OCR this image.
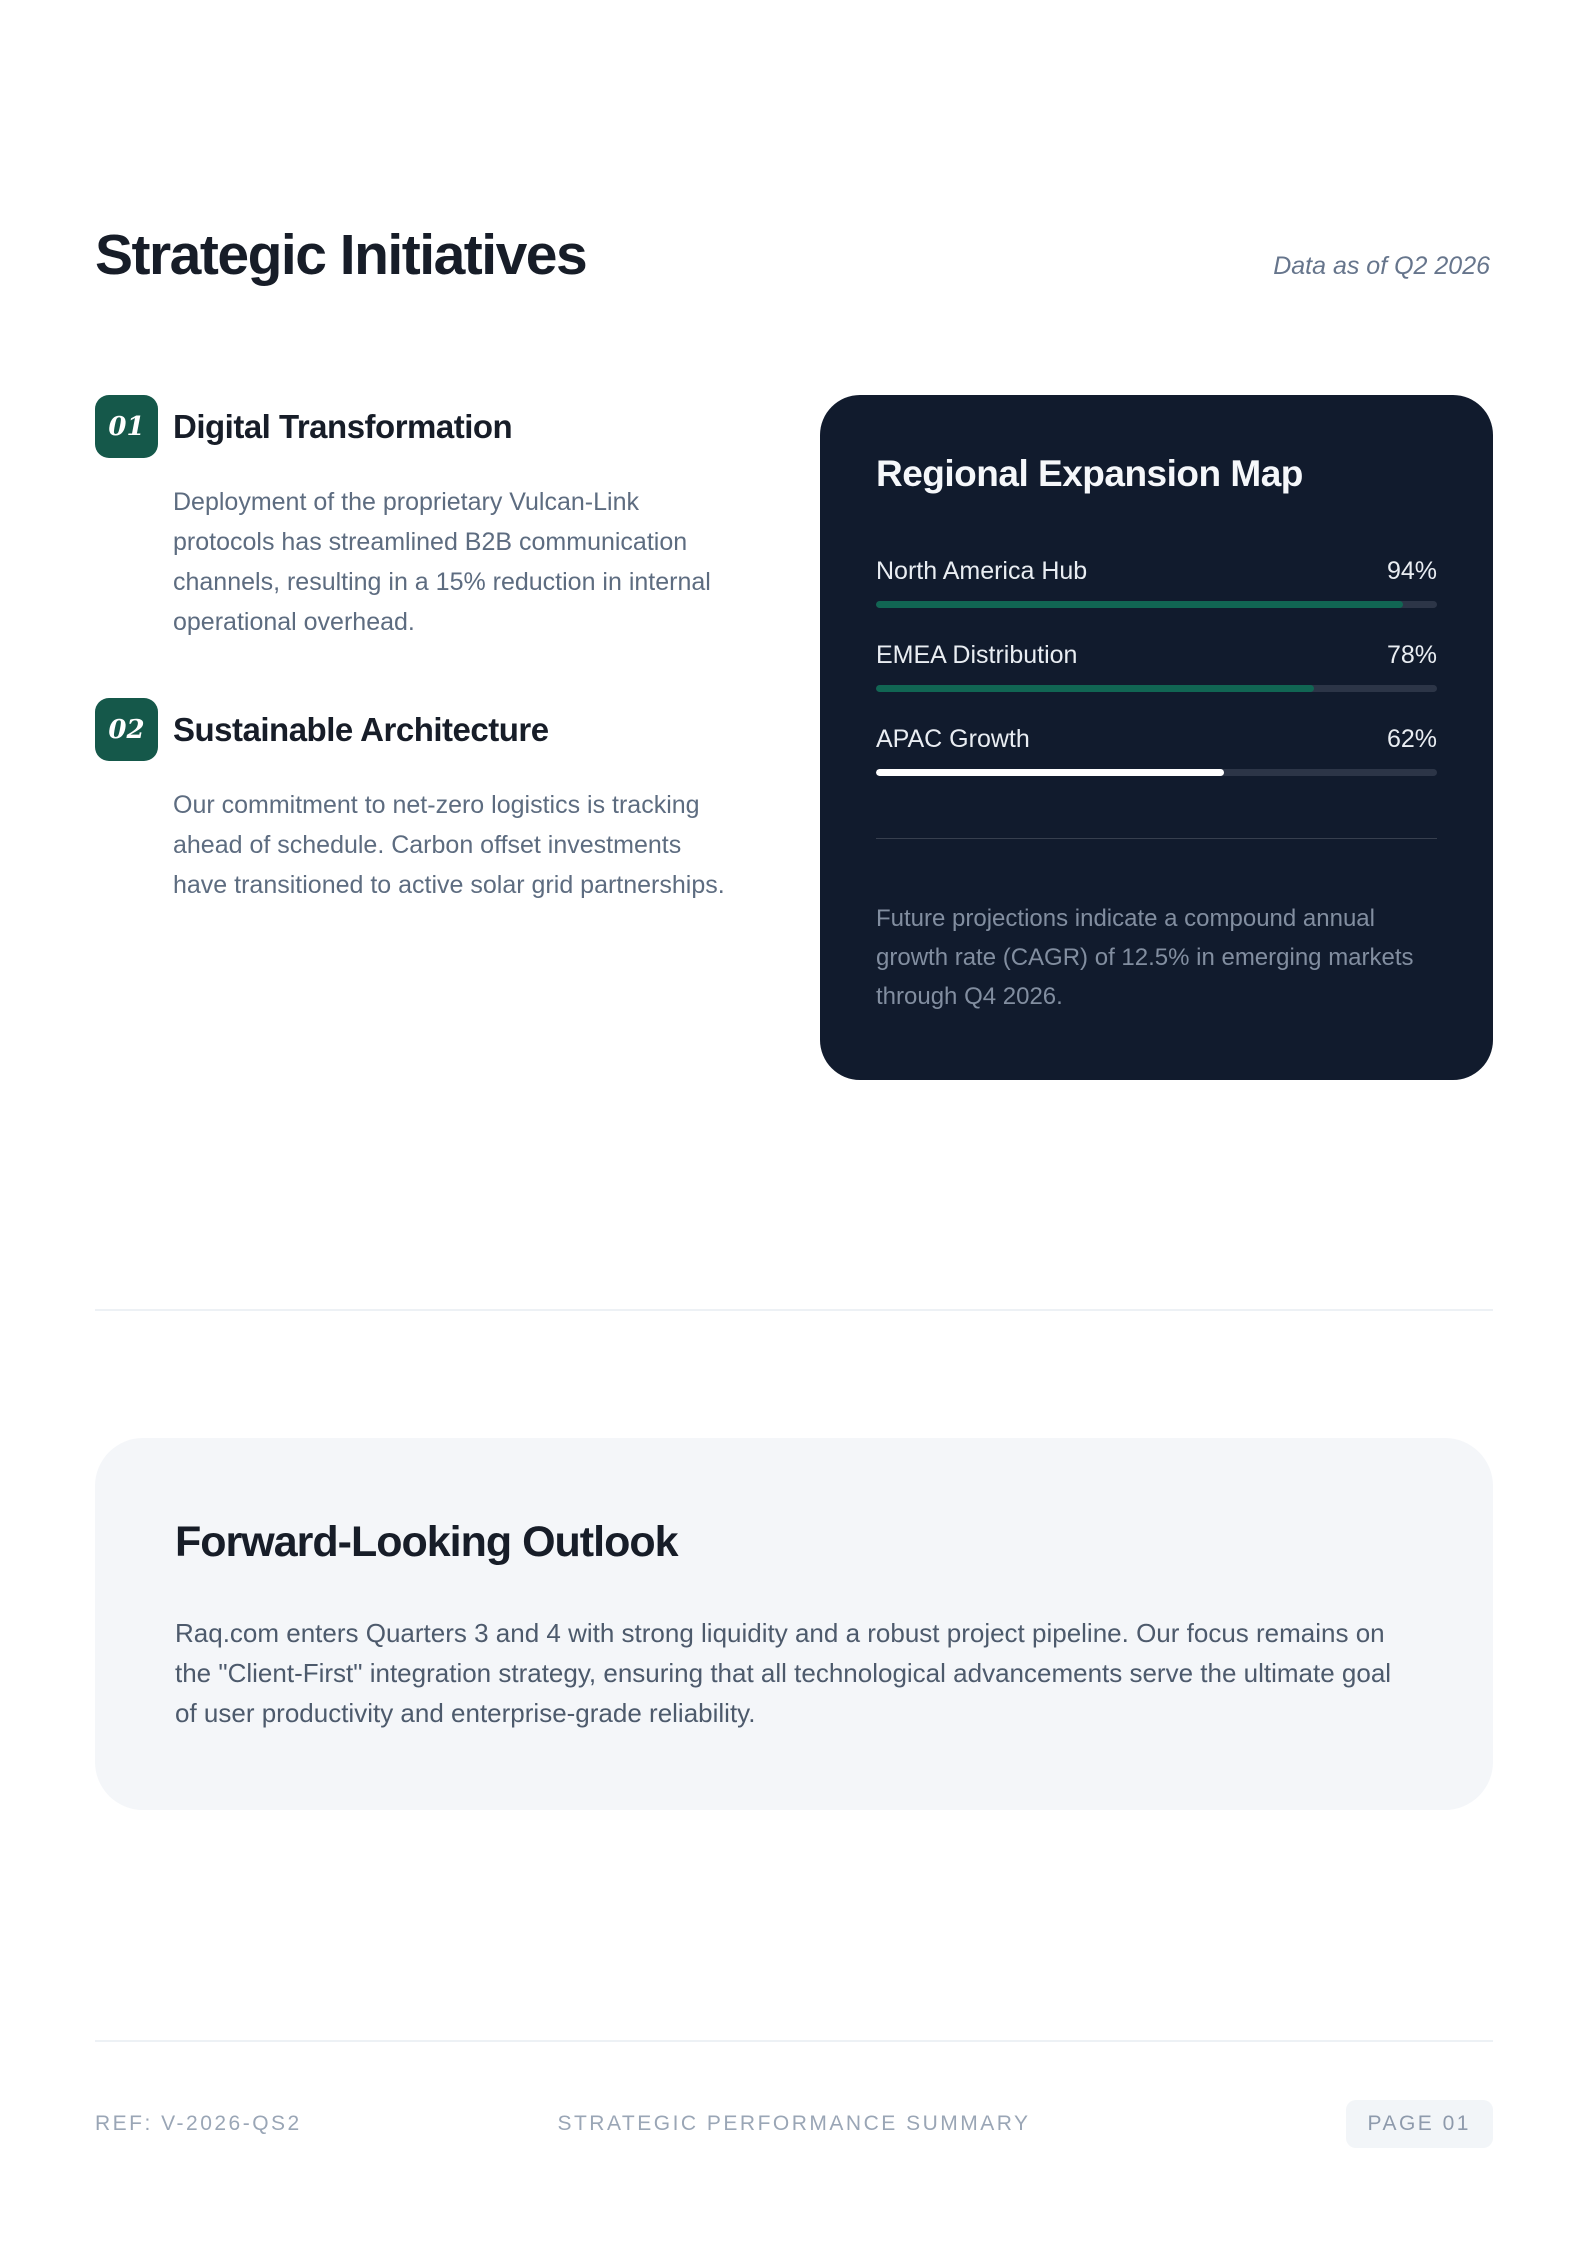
Strategic Initiatives	Data as of Q2 2026
01 Digital Transformation

Deployment of the proprietary Vulcan-Link protocols has streamlined B2B communication channels, resulting in a 15% reduction in internal operational overhead.

02 Sustainable Architecture

Our commitment to net-zero logistics is tracking ahead of schedule. Carbon offset investments have transitioned to active solar grid partnerships.

Regional Expansion Map
North America Hub	94%
EMEA Distribution	78%
APAC Growth	62%

Future projections indicate a compound annual growth rate (CAGR) of 12.5% in emerging markets through Q4 2026.

Forward-Looking Outlook

Raq.com enters Quarters 3 and 4 with strong liquidity and a robust project pipeline. Our focus remains on the "Client-First" integration strategy, ensuring that all technological advancements serve the ultimate goal of user productivity and enterprise-grade reliability.

REF: V-2026-QS2	STRATEGIC PERFORMANCE SUMMARY	PAGE 01
